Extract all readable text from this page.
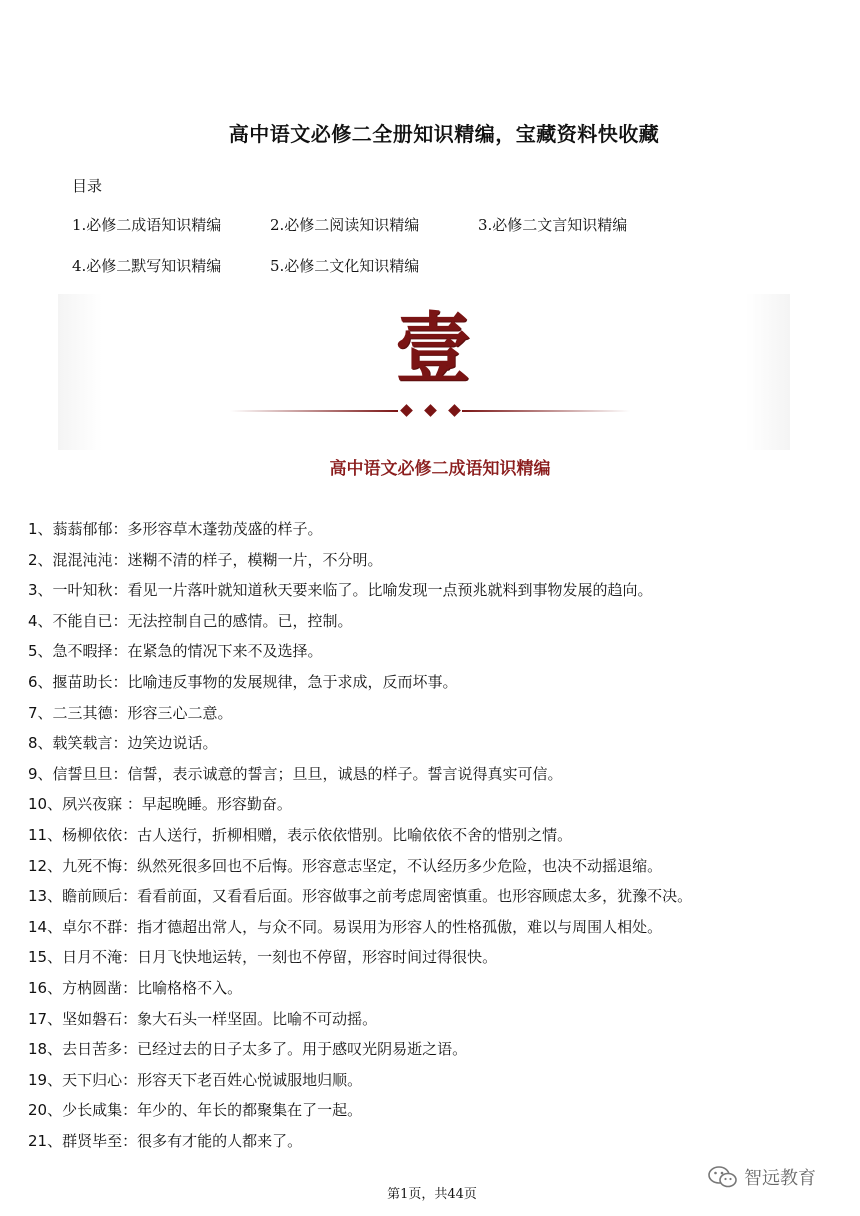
高中语文必修二全册知识精编，宝藏资料快收藏
目录
1.必修二成语知识精编	2.必修二阅读知识精编	3.必修二文言知识精编
4.必修二默写知识精编	5.必修二文化知识精编
壹
高中语文必修二成语知识精编
1、蓊蓊郁郁：多形容草木蓬勃茂盛的样子。
2、混混沌沌：迷糊不清的样子，模糊一片，不分明。
3、一叶知秋：看见一片落叶就知道秋天要来临了。比喻发现一点预兆就料到事物发展的趋向。
4、不能自已：无法控制自己的感情。已，控制。
5、急不暇择：在紧急的情况下来不及选择。
6、揠苗助长：比喻违反事物的发展规律，急于求成，反而坏事。
7、二三其德：形容三心二意。
8、载笑载言：边笑边说话。
9、信誓旦旦：信誓，表示诚意的誓言；旦旦，诚恳的样子。誓言说得真实可信。
10、夙兴夜寐 ：早起晚睡。形容勤奋。
11、杨柳依依：古人送行，折柳相赠，表示依依惜别。比喻依依不舍的惜别之情。
12、九死不悔：纵然死很多回也不后悔。形容意志坚定，不认经历多少危险，也决不动摇退缩。
13、瞻前顾后：看看前面，又看看后面。形容做事之前考虑周密慎重。也形容顾虑太多，犹豫不决。
14、卓尔不群：指才德超出常人，与众不同。易误用为形容人的性格孤傲，难以与周围人相处。
15、日月不淹：日月飞快地运转，一刻也不停留，形容时间过得很快。
16、方枘圆凿：比喻格格不入。
17、坚如磐石：象大石头一样坚固。比喻不可动摇。
18、去日苦多：已经过去的日子太多了。用于感叹光阴易逝之语。
19、天下归心：形容天下老百姓心悦诚服地归顺。
20、少长咸集：年少的、年长的都聚集在了一起。
21、群贤毕至：很多有才能的人都来了。
第1页，共44页
智远教育
